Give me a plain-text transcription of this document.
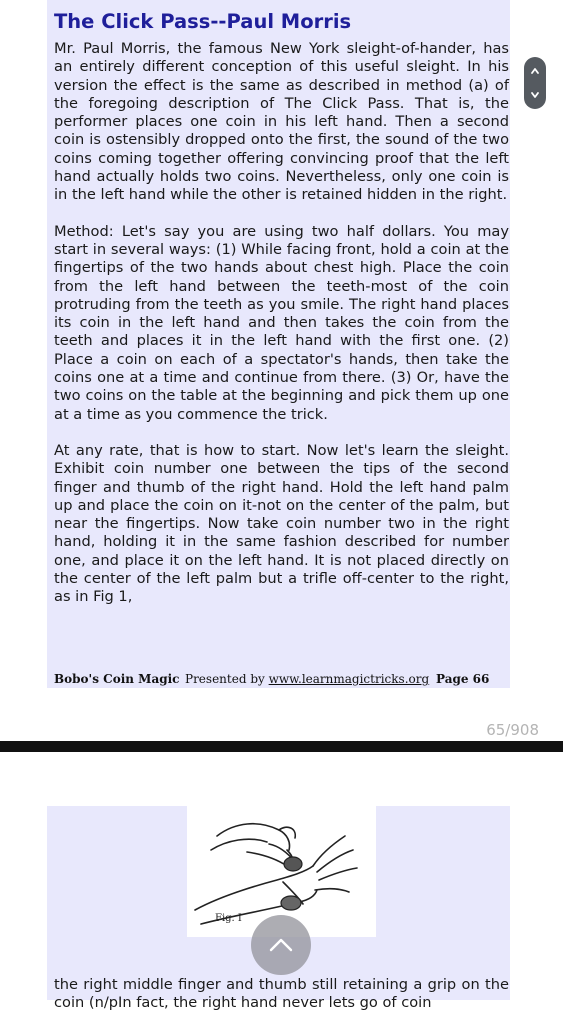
The Click Pass--Paul Morris

Mr. Paul Morris, the famous New York sleight-of-hander, has an entirely different conception of this useful sleight. In his version the effect is the same as described in method (a) of the foregoing description of The Click Pass. That is, the performer places one coin in his left hand. Then a second coin is ostensibly dropped onto the first, the sound of the two coins coming together offering convincing proof that the left hand actually holds two coins. Nevertheless, only one coin is in the left hand while the other is retained hidden in the right.

Method: Let's say you are using two half dollars. You may start in several ways: (1) While facing front, hold a coin at the fingertips of the two hands about chest high. Place the coin from the left hand between the teeth-most of the coin protruding from the teeth as you smile. The right hand places its coin in the left hand and then takes the coin from the teeth and places it in the left hand with the first one. (2) Place a coin on each of a spectator's hands, then take the coins one at a time and continue from there. (3) Or, have the two coins on the table at the beginning and pick them up one at a time as you commence the trick.

At any rate, that is how to start. Now let's learn the sleight. Exhibit coin number one between the tips of the second finger and thumb of the right hand. Hold the left hand palm up and place the coin on it-not on the center of the palm, but near the fingertips. Now take coin number two in the right hand, holding it in the same fashion described for number one, and place it on the left hand. It is not placed directly on the center of the left palm but a trifle off-center to the right, as in Fig 1,

Bobo's Coin Magic Presented by www.learnmagictricks.org Page 66
65/908
Fig. I

the right middle finger and thumb still retaining a grip on the coin (n/pIn fact, the right hand never lets go of coin
